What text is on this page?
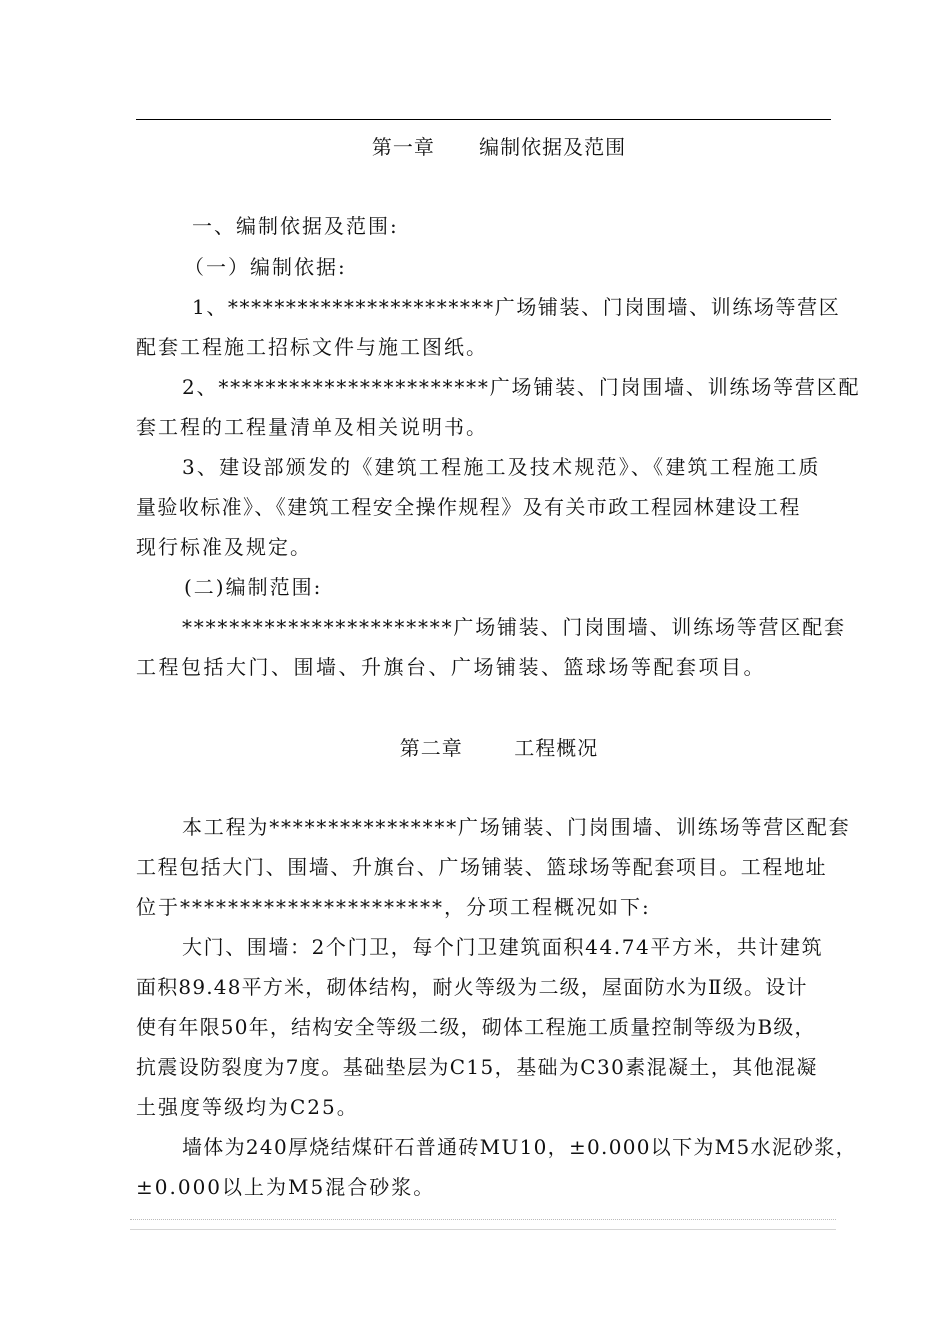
第一章      编制依据及范围
一、编制依据及范围:
（一）编制依据:
1、***********************广场铺装、门岗围墙、训练场等营区
配套工程施工招标文件与施工图纸。
2、***********************广场铺装、门岗围墙、训练场等营区配
套工程的工程量清单及相关说明书。
3、建设部颁发的《建筑工程施工及技术规范》、《建筑工程施工质
量验收标准》、《建筑工程安全操作规程》及有关市政工程园林建设工程
现行标准及规定。
(二)编制范围:
***********************广场铺装、门岗围墙、训练场等营区配套
工程包括大门、围墙、升旗台、广场铺装、篮球场等配套项目。
第二章       工程概况
本工程为****************广场铺装、门岗围墙、训练场等营区配套
工程包括大门、围墙、升旗台、广场铺装、篮球场等配套项目。工程地址
位于**********************，分项工程概况如下:
大门、围墙：2个门卫，每个门卫建筑面积44.74平方米，共计建筑
面积89.48平方米，砌体结构，耐火等级为二级，屋面防水为Ⅱ级。设计
使有年限50年，结构安全等级二级，砌体工程施工质量控制等级为B级，
抗震设防裂度为7度。基础垫层为C15，基础为C30素混凝土，其他混凝
土强度等级均为C25。
墙体为240厚烧结煤矸石普通砖MU10，±0.000以下为M5水泥砂浆，
±0.000以上为M5混合砂浆。
